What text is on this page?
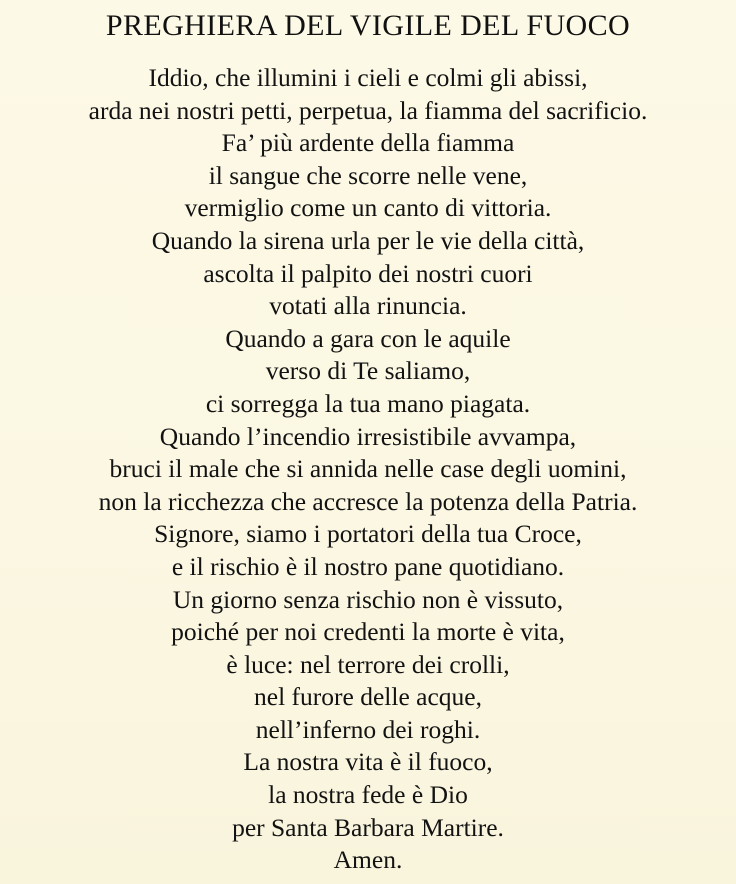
PREGHIERA DEL VIGILE DEL FUOCO
Iddio, che illumini i cieli e colmi gli abissi,
arda nei nostri petti, perpetua, la fiamma del sacrificio.
Fa’ più ardente della fiamma
il sangue che scorre nelle vene,
vermiglio come un canto di vittoria.
Quando la sirena urla per le vie della città,
ascolta il palpito dei nostri cuori
votati alla rinuncia.
Quando a gara con le aquile
verso di Te saliamo,
ci sorregga la tua mano piagata.
Quando l’incendio irresistibile avvampa,
bruci il male che si annida nelle case degli uomini,
non la ricchezza che accresce la potenza della Patria.
Signore, siamo i portatori della tua Croce,
e il rischio è il nostro pane quotidiano.
Un giorno senza rischio non è vissuto,
poiché per noi credenti la morte è vita,
è luce: nel terrore dei crolli,
nel furore delle acque,
nell’inferno dei roghi.
La nostra vita è il fuoco,
la nostra fede è Dio
per Santa Barbara Martire.
Amen.
